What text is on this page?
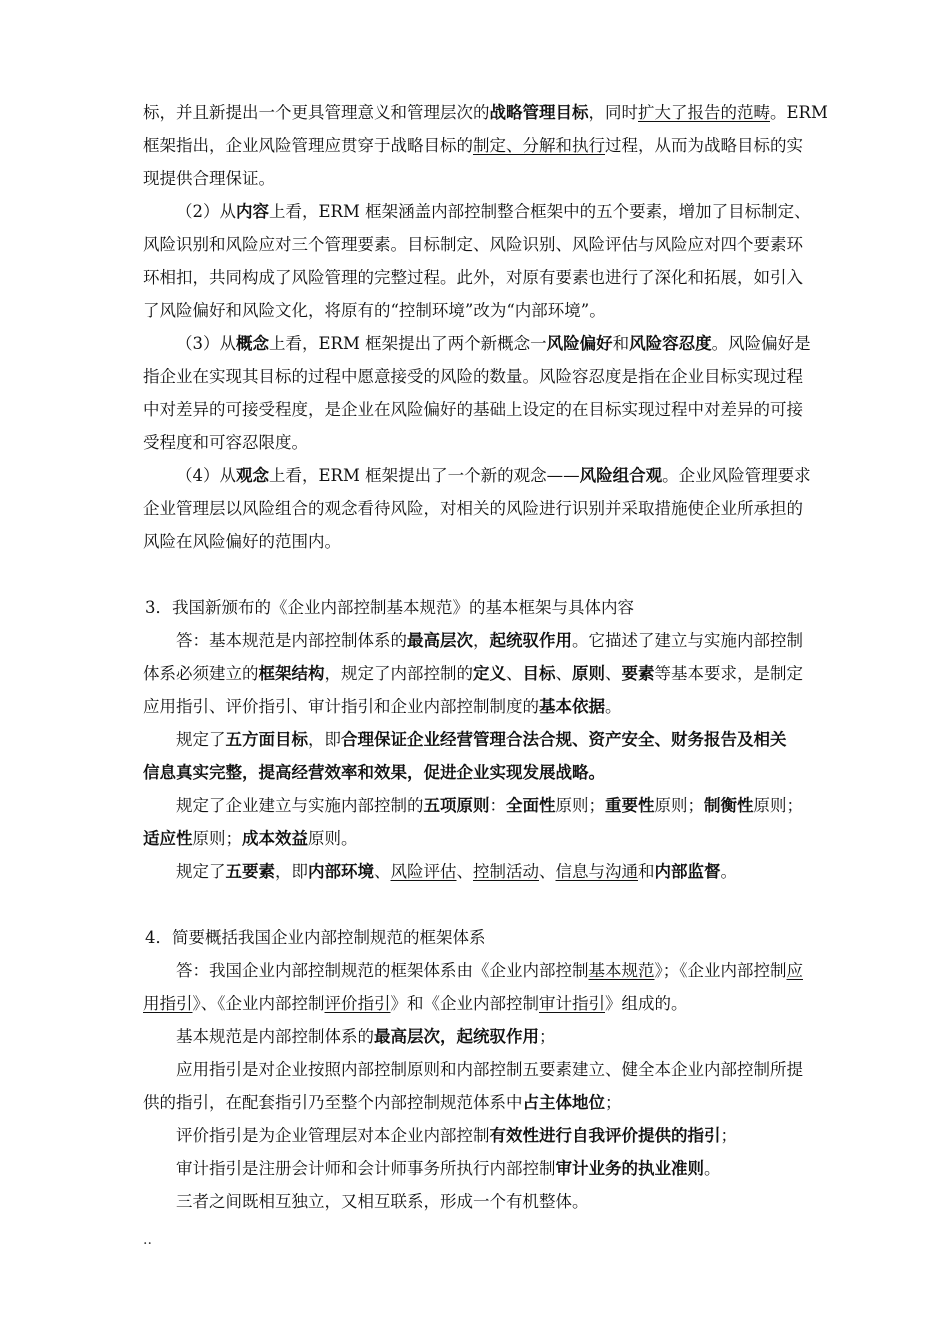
标，并且新提出一个更具管理意义和管理层次的战略管理目标，同时扩大了报告的范畴。ERM
框架指出，企业风险管理应贯穿于战略目标的制定、分解和执行过程，从而为战略目标的实
现提供合理保证。
（2）从内容上看，ERM 框架涵盖内部控制整合框架中的五个要素，增加了目标制定、
风险识别和风险应对三个管理要素。目标制定、风险识别、风险评估与风险应对四个要素环
环相扣，共同构成了风险管理的完整过程。此外，对原有要素也进行了深化和拓展，如引入
了风险偏好和风险文化，将原有的“控制环境”改为“内部环境”。
（3）从概念上看，ERM 框架提出了两个新概念一风险偏好和风险容忍度。风险偏好是
指企业在实现其目标的过程中愿意接受的风险的数量。风险容忍度是指在企业目标实现过程
中对差异的可接受程度，是企业在风险偏好的基础上设定的在目标实现过程中对差异的可接
受程度和可容忍限度。
（4）从观念上看，ERM 框架提出了一个新的观念——风险组合观。企业风险管理要求
企业管理层以风险组合的观念看待风险，对相关的风险进行识别并采取措施使企业所承担的
风险在风险偏好的范围内。
3．我国新颁布的《企业内部控制基本规范》的基本框架与具体内容
答：基本规范是内部控制体系的最高层次，起统驭作用。它描述了建立与实施内部控制
体系必须建立的框架结构，规定了内部控制的定义、目标、原则、要素等基本要求，是制定
应用指引、评价指引、审计指引和企业内部控制制度的基本依据。
规定了五方面目标，即合理保证企业经营管理合法合规、资产安全、财务报告及相关
信息真实完整，提高经营效率和效果，促进企业实现发展战略。
规定了企业建立与实施内部控制的五项原则：全面性原则；重要性原则；制衡性原则；
适应性原则；成本效益原则。
规定了五要素，即内部环境、风险评估、控制活动、信息与沟通和内部监督。
4．简要概括我国企业内部控制规范的框架体系
答：我国企业内部控制规范的框架体系由《企业内部控制基本规范》；《企业内部控制应
用指引》、《企业内部控制评价指引》和《企业内部控制审计指引》组成的。
基本规范是内部控制体系的最高层次，起统驭作用；
应用指引是对企业按照内部控制原则和内部控制五要素建立、健全本企业内部控制所提
供的指引，在配套指引乃至整个内部控制规范体系中占主体地位；
评价指引是为企业管理层对本企业内部控制有效性进行自我评价提供的指引；
审计指引是注册会计师和会计师事务所执行内部控制审计业务的执业准则。
三者之间既相互独立，又相互联系，形成一个有机整体。
..
